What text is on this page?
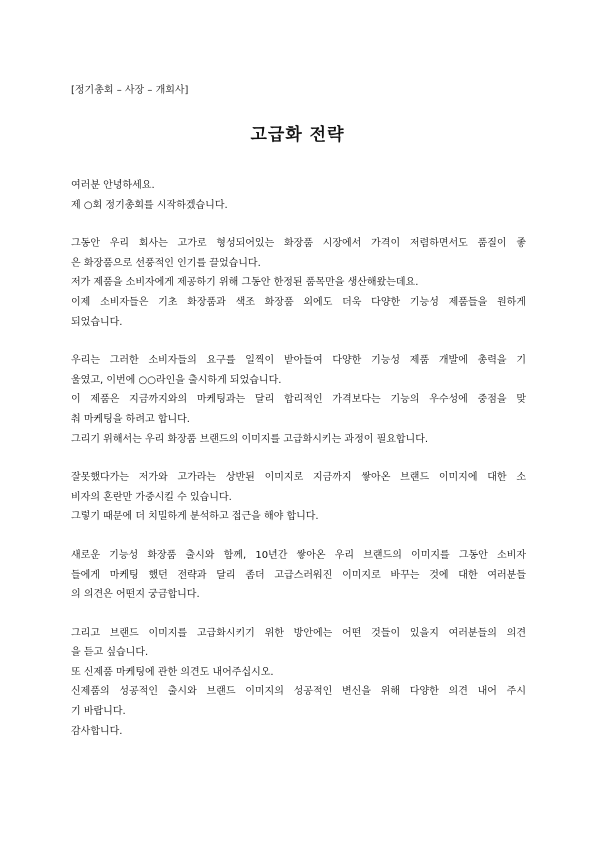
[정기총회 – 사장 – 개회사]
고급화 전략
여러분 안녕하세요.
제 ○회 정기총회를 시작하겠습니다.
그동안 우리 회사는 고가로 형성되어있는 화장품 시장에서 가격이 저렴하면서도 품질이 좋
은 화장품으로 선풍적인 인기를 끌었습니다.
저가 제품을 소비자에게 제공하기 위해 그동안 한정된 품목만을 생산해왔는데요.
이제 소비자들은 기초 화장품과 색조 화장품 외에도 더욱 다양한 기능성 제품들을 원하게
되었습니다.
우리는 그러한 소비자들의 요구를 일찍이 받아들여 다양한 기능성 제품 개발에 총력을 기
울였고, 이번에 ○○라인을 출시하게 되었습니다.
이 제품은 지금까지와의 마케팅과는 달리 합리적인 가격보다는 기능의 우수성에 중점을 맞
춰 마케팅을 하려고 합니다.
그리기 위해서는 우리 화장품 브랜드의 이미지를 고급화시키는 과정이 필요합니다.
잘못했다가는 저가와 고가라는 상반된 이미지로 지금까지 쌓아온 브랜드 이미지에 대한 소
비자의 혼란만 가중시킬 수 있습니다.
그렇기 때문에 더 치밀하게 분석하고 접근을 해야 합니다.
새로운 기능성 화장품 출시와 함께, 10년간 쌓아온 우리 브랜드의 이미지를 그동안 소비자
들에게 마케팅 했던 전략과 달리 좀더 고급스러워진 이미지로 바꾸는 것에 대한 여러분들
의 의견은 어떤지 궁금합니다.
그리고 브랜드 이미지를 고급화시키기 위한 방안에는 어떤 것들이 있을지 여러분들의 의견
을 듣고 싶습니다.
또 신제품 마케팅에 관한 의견도 내어주십시오.
신제품의 성공적인 출시와 브랜드 이미지의 성공적인 변신을 위해 다양한 의견 내어 주시
기 바랍니다.
감사합니다.
